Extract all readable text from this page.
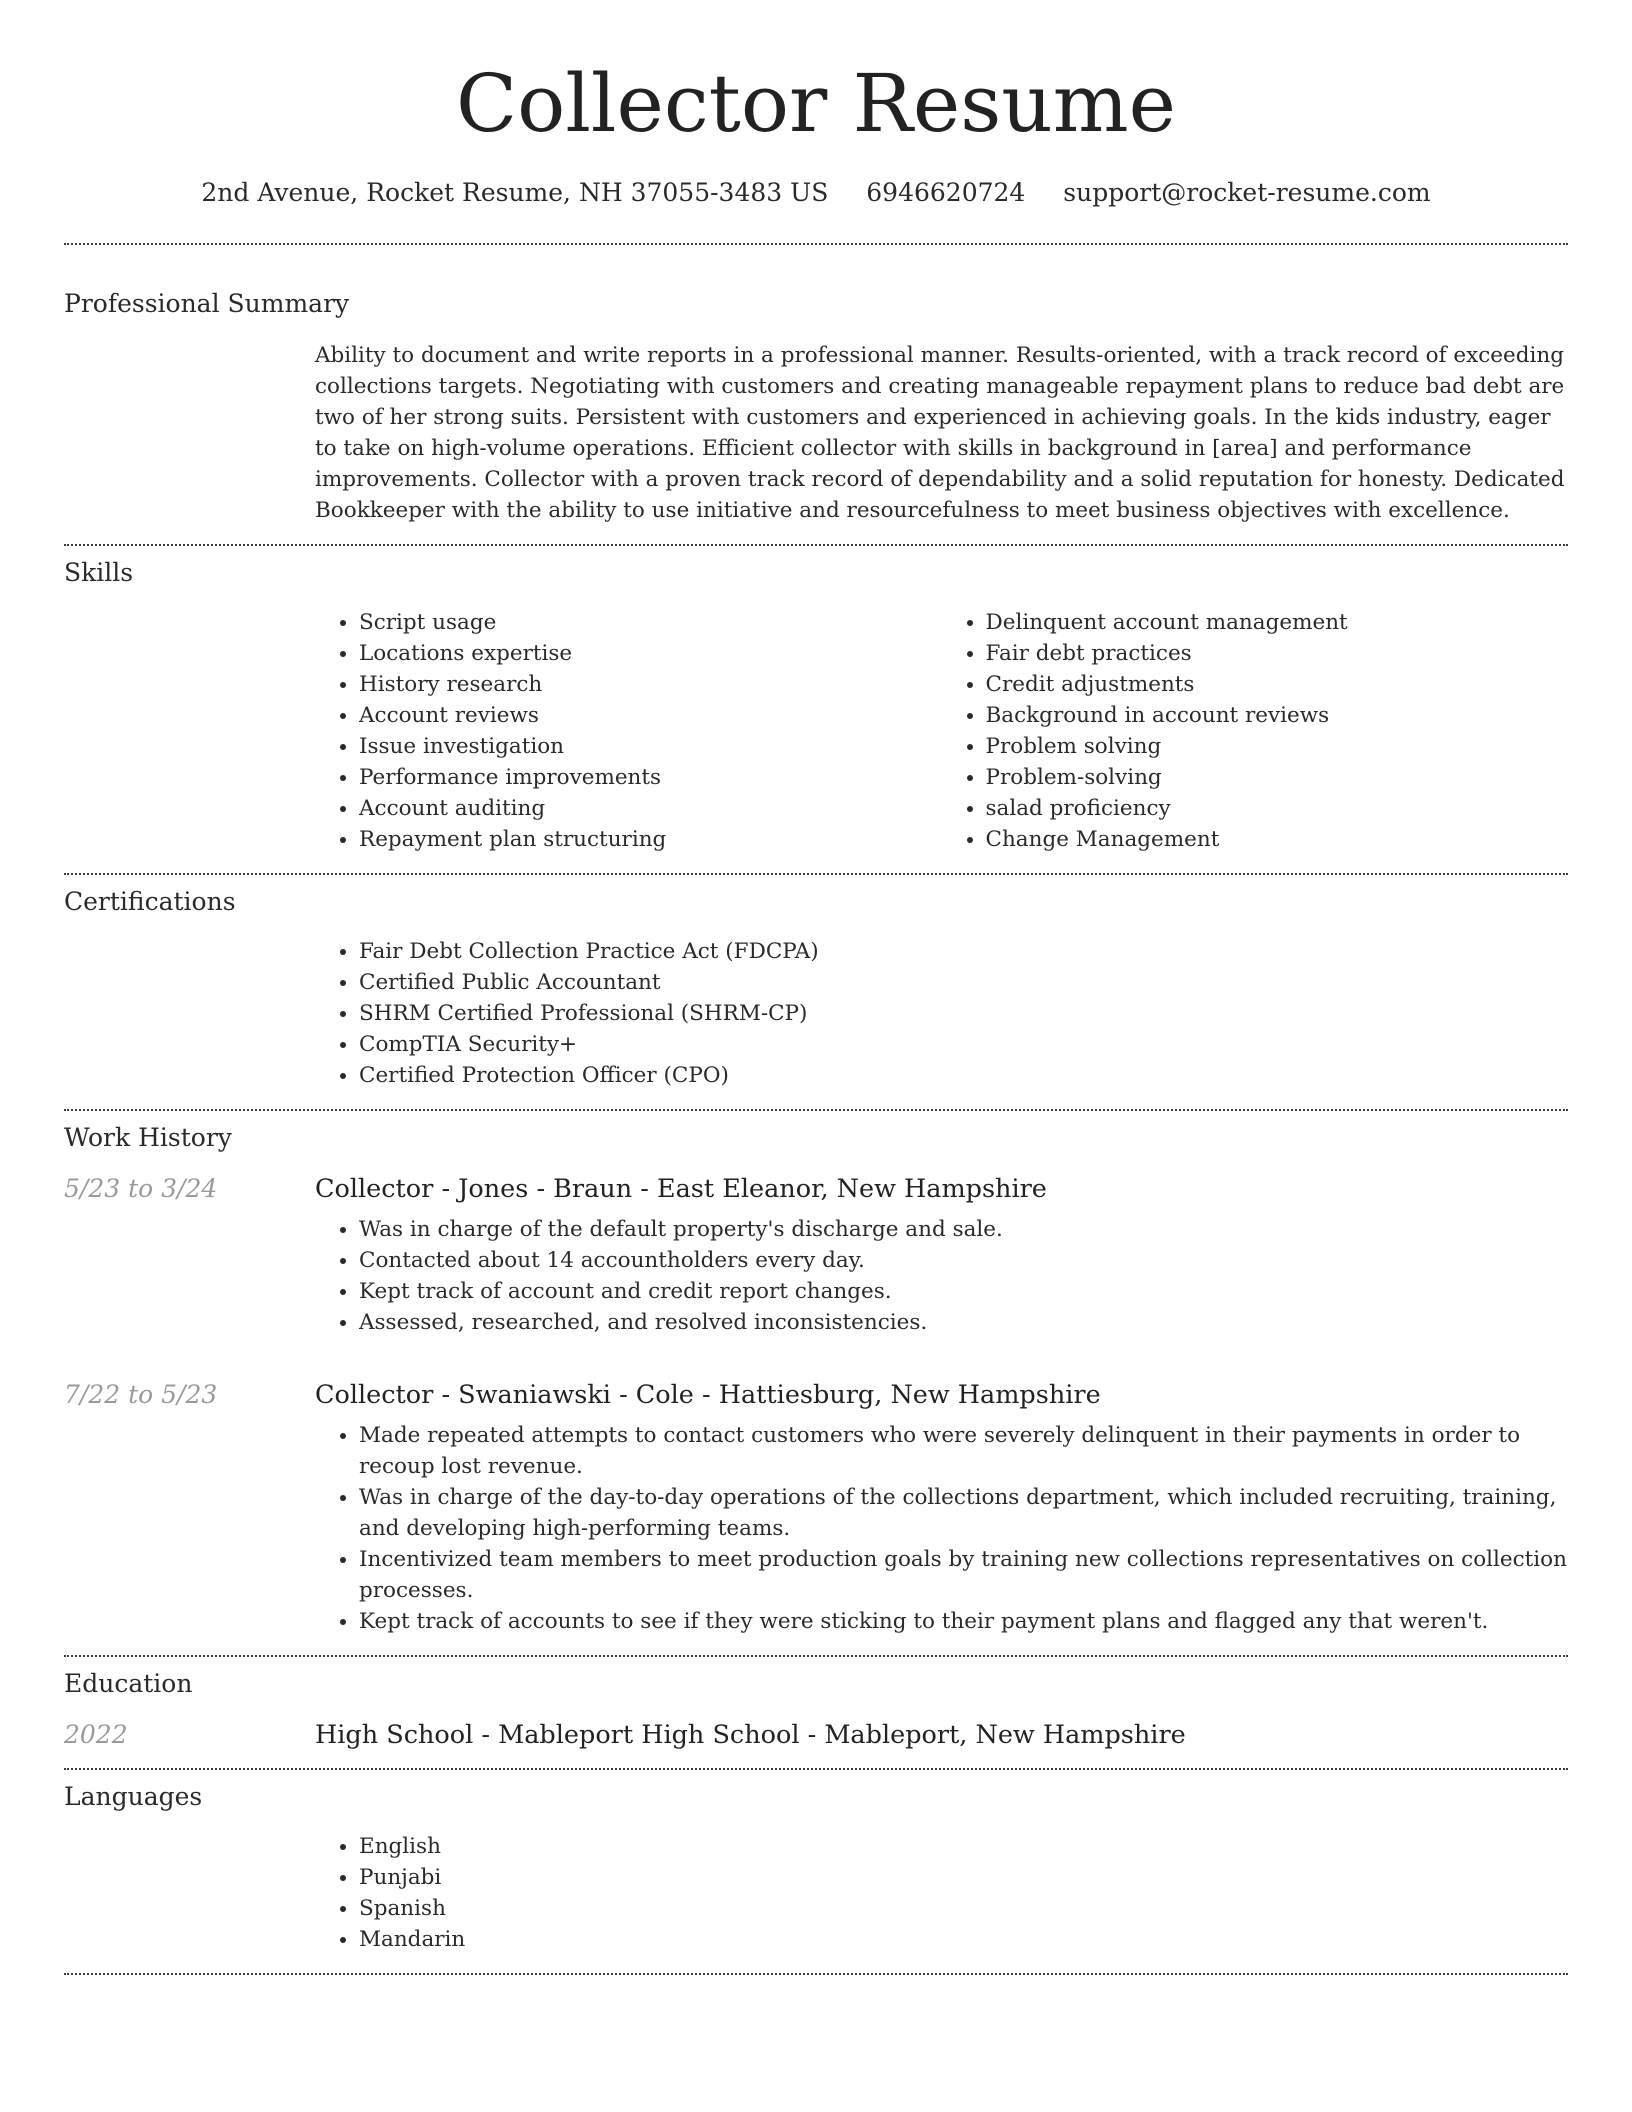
Collector Resume
2nd Avenue, Rocket Resume, NH 37055-3483 US 6946620724 support@rocket-resume.com
Professional Summary

Ability to document and write reports in a professional manner. Results-oriented, with a track record of exceeding collections targets. Negotiating with customers and creating manageable repayment plans to reduce bad debt are two of her strong suits. Persistent with customers and experienced in achieving goals. In the kids industry, eager to take on high-volume operations. Efficient collector with skills in background in [area] and performance improvements. Collector with a proven track record of dependability and a solid reputation for honesty. Dedicated Bookkeeper with the ability to use initiative and resourcefulness to meet business objectives with excellence.

Skills
• Script usage
• Locations expertise
• History research
• Account reviews
• Issue investigation
• Performance improvements
• Account auditing
• Repayment plan structuring
• Delinquent account management
• Fair debt practices
• Credit adjustments
• Background in account reviews
• Problem solving
• Problem-solving
• salad proficiency
• Change Management
Certifications
• Fair Debt Collection Practice Act (FDCPA)
• Certified Public Accountant
• SHRM Certified Professional (SHRM-CP)
• CompTIA Security+
• Certified Protection Officer (CPO)
Work History
5/23 to 3/24	Collector - Jones - Braun - East Eleanor, New Hampshire
• Was in charge of the default property's discharge and sale.
• Contacted about 14 accountholders every day.
• Kept track of account and credit report changes.
• Assessed, researched, and resolved inconsistencies.
7/22 to 5/23	Collector - Swaniawski - Cole - Hattiesburg, New Hampshire
• Made repeated attempts to contact customers who were severely delinquent in their payments in order to recoup lost revenue.
• Was in charge of the day-to-day operations of the collections department, which included recruiting, training, and developing high-performing teams.
• Incentivized team members to meet production goals by training new collections representatives on collection processes.
• Kept track of accounts to see if they were sticking to their payment plans and flagged any that weren't.
Education
2022	High School - Mableport High School - Mableport, New Hampshire
Languages
• English
• Punjabi
• Spanish
• Mandarin
